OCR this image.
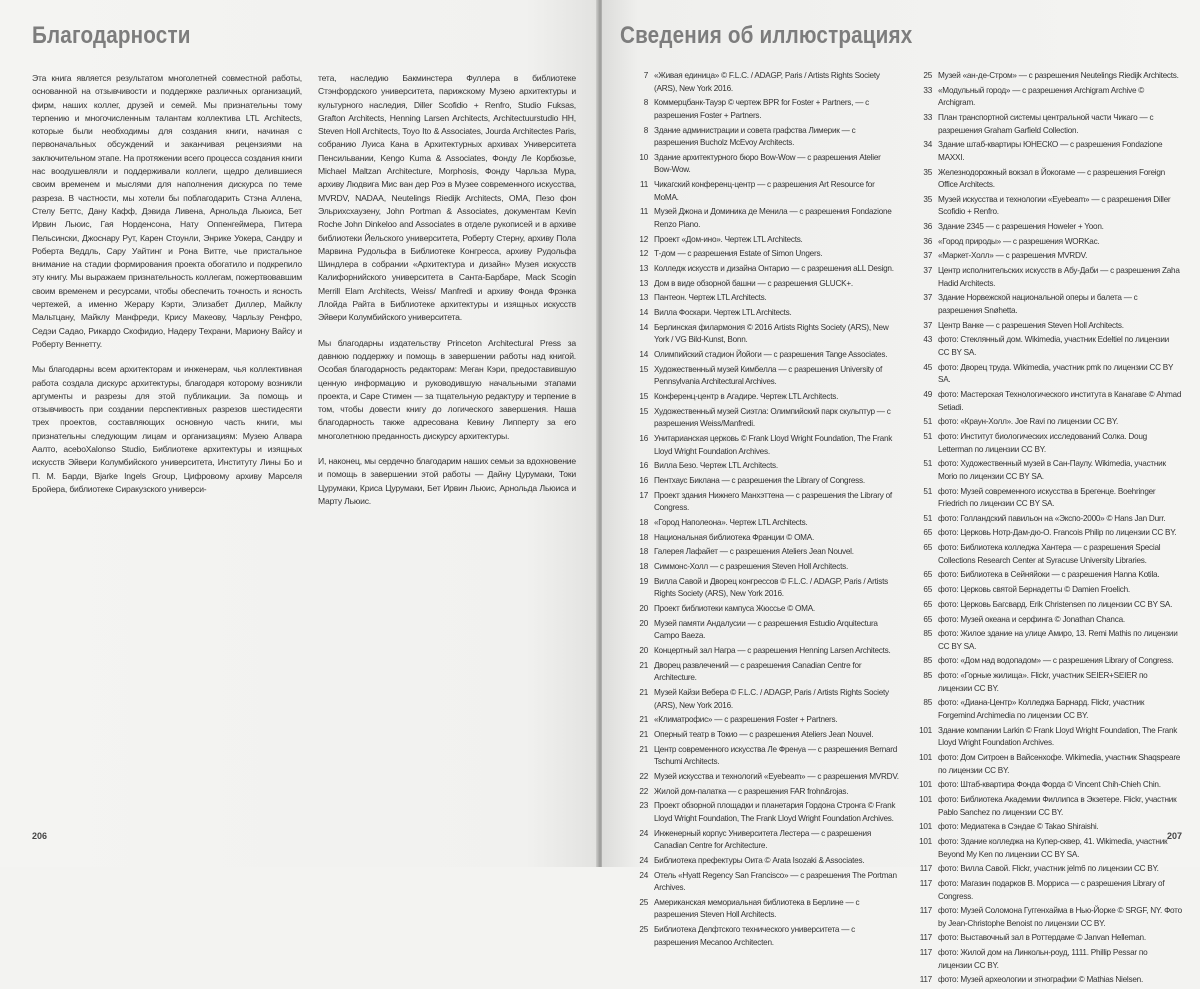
Благодарности

Эта книга является результатом многолетней совместной работы, основанной на отзывчивости и поддержке различных организаций, фирм, наших коллег, друзей и семей. Мы признательны тому терпению и многочисленным талантам коллектива LTL Architects, которые были необходимы для создания книги, начиная с первоначальных обсуждений и заканчивая рецензиями на заключительном этапе. На протяжении всего процесса создания книги нас воодушевляли и поддерживали коллеги, щедро делившиеся своим временем и мыслями для наполнения дискурса по теме разреза. В частности, мы хотели бы поблагодарить Стэна Аллена, Стелу Беттс, Дану Кафф, Дэвида Ливена, Арнольда Льюиса, Бет Ирвин Льюис, Гая Норденсона, Нату Оппенгеймера, Питера Пельсински, Джоснару Рут, Карен Стоунли, Энрике Уокера, Сандру и Роберта Веддль, Сару Уайтинг и Рона Витте, чье пристальное внимание на стадии формирования проекта обогатило и подкрепило эту книгу. Мы выражаем признательность коллегам, пожертвовавшим своим временем и ресурсами, чтобы обеспечить точность и ясность чертежей, а именно Жерару Кэрти, Элизабет Диллер, Майклу Мальтцану, Майклу Манфреди, Крису Макеову, Чарльзу Ренфро, Седэи Садао, Рикардо Скофидио, Надеру Техрани, Мариону Вайсу и Роберту Веннетту.

Мы благодарны всем архитекторам и инженерам, чья коллективная работа создала дискурс архитектуры, благодаря которому возникли аргументы и разрезы для этой публикации. За помощь и отзывчивость при создании перспективных разрезов шестидесяти трех проектов, составляющих основную часть книги, мы признательны следующим лицам и организациям: Музею Алвара Аалто, aceboXalonso Studio, Библиотеке архитектуры и изящных искусств Эйвери Колумбийского университета, Институту Лины Бо и П. М. Барди, Bjarke Ingels Group, Цифровому архиву Марселя Бройера, библиотеке Сиракузского универси-

тета, наследию Бакминстера Фуллера в библиотеке Стэнфордского университета, парижскому Музею архитектуры и культурного наследия, Diller Scofidio + Renfro, Studio Fuksas, Grafton Architects, Henning Larsen Architects, Architectuurstudio HH, Steven Holl Architects, Toyo Ito & Associates, Jourda Architectes Paris, собранию Луиса Кана в Архитектурных архивах Университета Пенсильвании, Kengo Kuma & Associates, Фонду Ле Корбюзье, Michael Maltzan Architecture, Morphosis, Фонду Чарльза Мура, архиву Людвига Мис ван дер Роэ в Музее современного искусства, MVRDV, NADAA, Neutelings Riedijk Architects, OMA, Пезо фон Эльрихсхаузену, John Portman & Associates, документам Kevin Roche John Dinkeloo and Associates в отделе рукописей и в архиве библиотеки Йельского университета, Роберту Стерну, архиву Пола Марвина Рудольфа в Библиотеке Конгресса, архиву Рудольфа Шиндлера в собрании «Архитектура и дизайн» Музея искусств Калифорнийского университета в Санта-Барбаре, Mack Scogin Merrill Elam Architects, Weiss/ Manfredi и архиву Фонда Фрэнка Ллойда Райта в Библиотеке архитектуры и изящных искусств Эйвери Колумбийского университета.

Мы благодарны издательству Princeton Architectural Press за давнюю поддержку и помощь в завершении работы над книгой. Особая благодарность редакторам: Меган Кэри, предоставившую ценную информацию и руководившую начальными этапами проекта, и Саре Стимен — за тщательную редактуру и терпение в том, чтобы довести книгу до логического завершения. Наша благодарность также адресована Кевину Липперту за его многолетнюю преданность дискурсу архитектуры.

И, наконец, мы сердечно благодарим наших семьи за вдохновение и помощь в завершении этой работы — Дайну Цурумаки, Токи Цурумаки, Криса Цурумаки, Бет Ирвин Льюис, Арнольда Льюиса и Марту Льюис.

206
Сведения об иллюстрациях
7 «Живая единица» © F.L.C. / ADAGP, Paris / Artists Rights Society (ARS), New York 2016.
8 Коммерцбанк-Тауэр © чертеж BPR for Foster + Partners, — с разрешения Foster + Partners.
8 Здание администрации и совета графства Лимерик — с разрешения Bucholz McEvoy Architects.
10 Здание архитектурного бюро Bow-Wow — с разрешения Atelier Bow-Wow.
11 Чикагский конференц-центр — с разрешения Art Resource for MoMA.
11 Музей Джона и Доминика де Менила — с разрешения Fondazione Renzo Piano.
12 Проект «Дом-ино». Чертеж LTL Architects.
12 Т-дом — с разрешения Estate of Simon Ungers.
13 Колледж искусств и дизайна Онтарио — с разрешения aLL Design.
13 Дом в виде обзорной башни — с разрешения GLUCK+.
13 Пантеон. Чертеж LTL Architects.
14 Вилла Фоскари. Чертеж LTL Architects.
14 Берлинская филармония © 2016 Artists Rights Society (ARS), New York / VG Bild-Kunst, Bonn.
14 Олимпийский стадион Йойоги — с разрешения Tange Associates.
15 Художественный музей Кимбелла — с разрешения University of Pennsylvania Architectural Archives.
15 Конференц-центр в Агадире. Чертеж LTL Architects.
15 Художественный музей Сиэтла: Олимпийский парк скульптур — с разрешения Weiss/Manfredi.
16 Унитарианская церковь © Frank Lloyd Wright Foundation, The Frank Lloyd Wright Foundation Archives.
16 Вилла Безо. Чертеж LTL Architects.
16 Пентхаус Биклана — с разрешения the Library of Congress.
17 Проект здания Нижнего Манхэттена — с разрешения the Library of Congress.
18 «Город Наполеона». Чертеж LTL Architects.
18 Национальная библиотека Франции © OMA.
18 Галерея Лафайет — с разрешения Ateliers Jean Nouvel.
18 Симмонс-Холл — с разрешения Steven Holl Architects.
19 Вилла Савой и Дворец конгрессов © F.L.C. / ADAGP, Paris / Artists Rights Society (ARS), New York 2016.
20 Проект библиотеки кампуса Жюссье © OMA.
20 Музей памяти Андалусии — с разрешения Estudio Arquitectura Campo Baeza.
20 Концертный зал Награ — с разрешения Henning Larsen Architects.
21 Дворец развлечений — с разрешения Canadian Centre for Architecture.
21 Музей Кайзи Вебера © F.L.C. / ADAGP, Paris / Artists Rights Society (ARS), New York 2016.
21 «Климатрофис» — с разрешения Foster + Partners.
21 Оперный театр в Токио — с разрешения Ateliers Jean Nouvel.
21 Центр современного искусства Ле Френуа — с разрешения Bernard Tschumi Architects.
22 Музей искусства и технологий «Eyebeam» — с разрешения MVRDV.
22 Жилой дом-палатка — с разрешения FAR frohn&rojas.
23 Проект обзорной площадки и планетария Гордона Стронга © Frank Lloyd Wright Foundation, The Frank Lloyd Wright Foundation Archives.
24 Инженерный корпус Университета Лестера — с разрешения Canadian Centre for Architecture.
24 Библиотека префектуры Оита © Arata Isozaki & Associates.
24 Отель «Hyatt Regency San Francisco» — с разрешения The Portman Archives.
25 Американская мемориальная библиотека в Берлине — с разрешения Steven Holl Architects.
25 Библиотека Делфтского технического университета — с разрешения Mecanoo Architecten.
25 Музей «ан-де-Стром» — с разрешения Neutelings Riedijk Architects.
33 «Модульный город» — с разрешения Archigram Archive © Archigram.
33 План транспортной системы центральной части Чикаго — с разрешения Graham Garfield Collection.
34 Здание штаб-квартиры ЮНЕСКО — с разрешения Fondazione MAXXI.
35 Железнодорожный вокзал в Йокогаме — с разрешения Foreign Office Architects.
35 Музей искусства и технологии «Eyebeam» — с разрешения Diller Scofidio + Renfro.
36 Здание 2345 — с разрешения Howeler + Yoon.
36 «Город природы» — с разрешения WORKac.
37 «Маркет-Холл» — с разрешения MVRDV.
37 Центр исполнительских искусств в Абу-Даби — с разрешения Zaha Hadid Architects.
37 Здание Норвежской национальной оперы и балета — с разрешения Snøhetta.
37 Центр Ванке — с разрешения Steven Holl Architects.
43 фото: Стеклянный дом. Wikimedia, участник Edeltiel по лицензии CC BY SA.
45 фото: Дворец труда. Wikimedia, участник pmk по лицензии CC BY SA.
49 фото: Мастерская Технологического института в Канагаве © Ahmad Setiadi.
51 фото: «Краун-Холл». Joe Ravi по лицензии CC BY.
51 фото: Институт биологических исследований Солка. Doug Letterman по лицензии CC BY.
51 фото: Художественный музей в Сан-Паулу. Wikimedia, участник Morio по лицензии CC BY SA.
51 фото: Музей современного искусства в Брегенце. Boehringer Friedrich по лицензии CC BY SA.
51 фото: Голландский павильон на «Экспо-2000» © Hans Jan Durr.
65 фото: Церковь Нотр-Дам-дю-О. Francois Philip по лицензии CC BY.
65 фото: Библиотека колледжа Хантера — с разрешения Special Collections Research Center at Syracuse University Libraries.
65 фото: Библиотека в Сейняйоки — с разрешения Hanna Kotila.
65 фото: Церковь святой Бернадетты © Damien Froelich.
65 фото: Церковь Багсвард. Erik Christensen по лицензии CC BY SA.
65 фото: Музей океана и серфинга © Jonathan Chanca.
85 фото: Жилое здание на улице Амиро, 13. Remi Mathis по лицензии CC BY SA.
85 фото: «Дом над водопадом» — с разрешения Library of Congress.
85 фото: «Горные жилища». Flickr, участник SEIER+SEIER по лицензии CC BY.
85 фото: «Диана-Центр» Колледжа Барнард. Flickr, участник Forgemind Archimedia по лицензии CC BY.
101 Здание компании Larkin © Frank Lloyd Wright Foundation, The Frank Lloyd Wright Foundation Archives.
101 фото: Дом Ситроен в Вайсенхофе. Wikimedia, участник Shaqspeare по лицензии CC BY.
101 фото: Штаб-квартира Фонда Форда © Vincent Chih-Chieh Chin.
101 фото: Библиотека Академии Филлипса в Экзетере. Flickr, участник Pablo Sanchez по лицензии CC BY.
101 фото: Медиатека в Сэндае © Takao Shiraishi.
101 фото: Здание колледжа на Купер-сквер, 41. Wikimedia, участник Beyond My Ken по лицензии CC BY SA.
117 фото: Вилла Савой. Flickr, участник jelm6 по лицензии CC BY.
117 фото: Магазин подарков В. Морриса — с разрешения Library of Congress.
117 фото: Музей Соломона Гуггенхайма в Нью-Йорке © SRGF, NY. Фото by Jean-Christophe Benoist по лицензии CC BY.
117 фото: Выставочный зал в Роттердаме © Janvan Helleman.
117 фото: Жилой дом на Линкольн-роуд, 1111. Phillip Pessar по лицензии CC BY.
117 фото: Музей археологии и этнографии © Mathias Nielsen.
207
